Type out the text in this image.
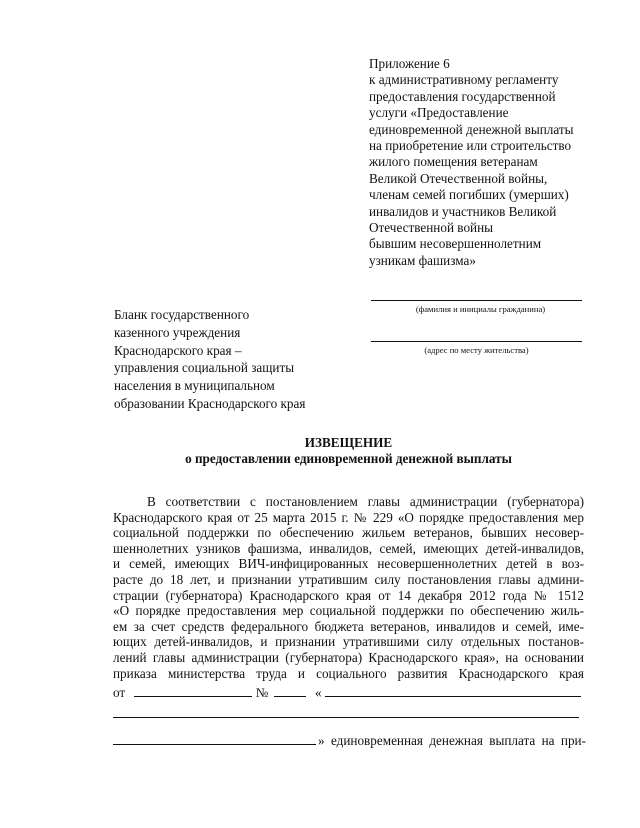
Приложение 6
к административному регламенту
предоставления государственной
услуги «Предоставление
единовременной денежной выплаты
на приобретение или строительство
жилого помещения ветеранам
Великой Отечественной войны,
членам семей погибших (умерших)
инвалидов и участников Великой
Отечественной войны
бывшим несовершеннолетним
узникам фашизма»
(фамилия и инициалы гражданина)
(адрес по месту жительства)
Бланк государственного
казенного учреждения
Краснодарского края –
управления социальной защиты
населения в муниципальном
образовании Краснодарского края
ИЗВЕЩЕНИЕ
о предоставлении единовременной денежной выплаты
В соответствии с постановлением главы администрации (губернатора)
Краснодарского края от 25 марта 2015 г. № 229 «О порядке предоставления мер
социальной поддержки по обеспечению жильем ветеранов, бывших несовер-
шеннолетних узников фашизма, инвалидов, семей, имеющих детей-инвалидов,
и семей, имеющих ВИЧ-инфицированных несовершеннолетних детей в воз-
расте до 18 лет, и признании утратившим силу постановления главы админи-
страции (губернатора) Краснодарского края от 14 декабря 2012 года № 1512
«О порядке предоставления мер социальной поддержки по обеспечению жиль-
ем за счет средств федерального бюджета ветеранов, инвалидов и семей, име-
ющих детей-инвалидов, и признании утратившими силу отдельных постанов-
лений главы администрации (губернатора) Краснодарского края», на основании
приказа министерства труда и социального развития Краснодарского края
от	№	«
» единовременная денежная выплата на при-
